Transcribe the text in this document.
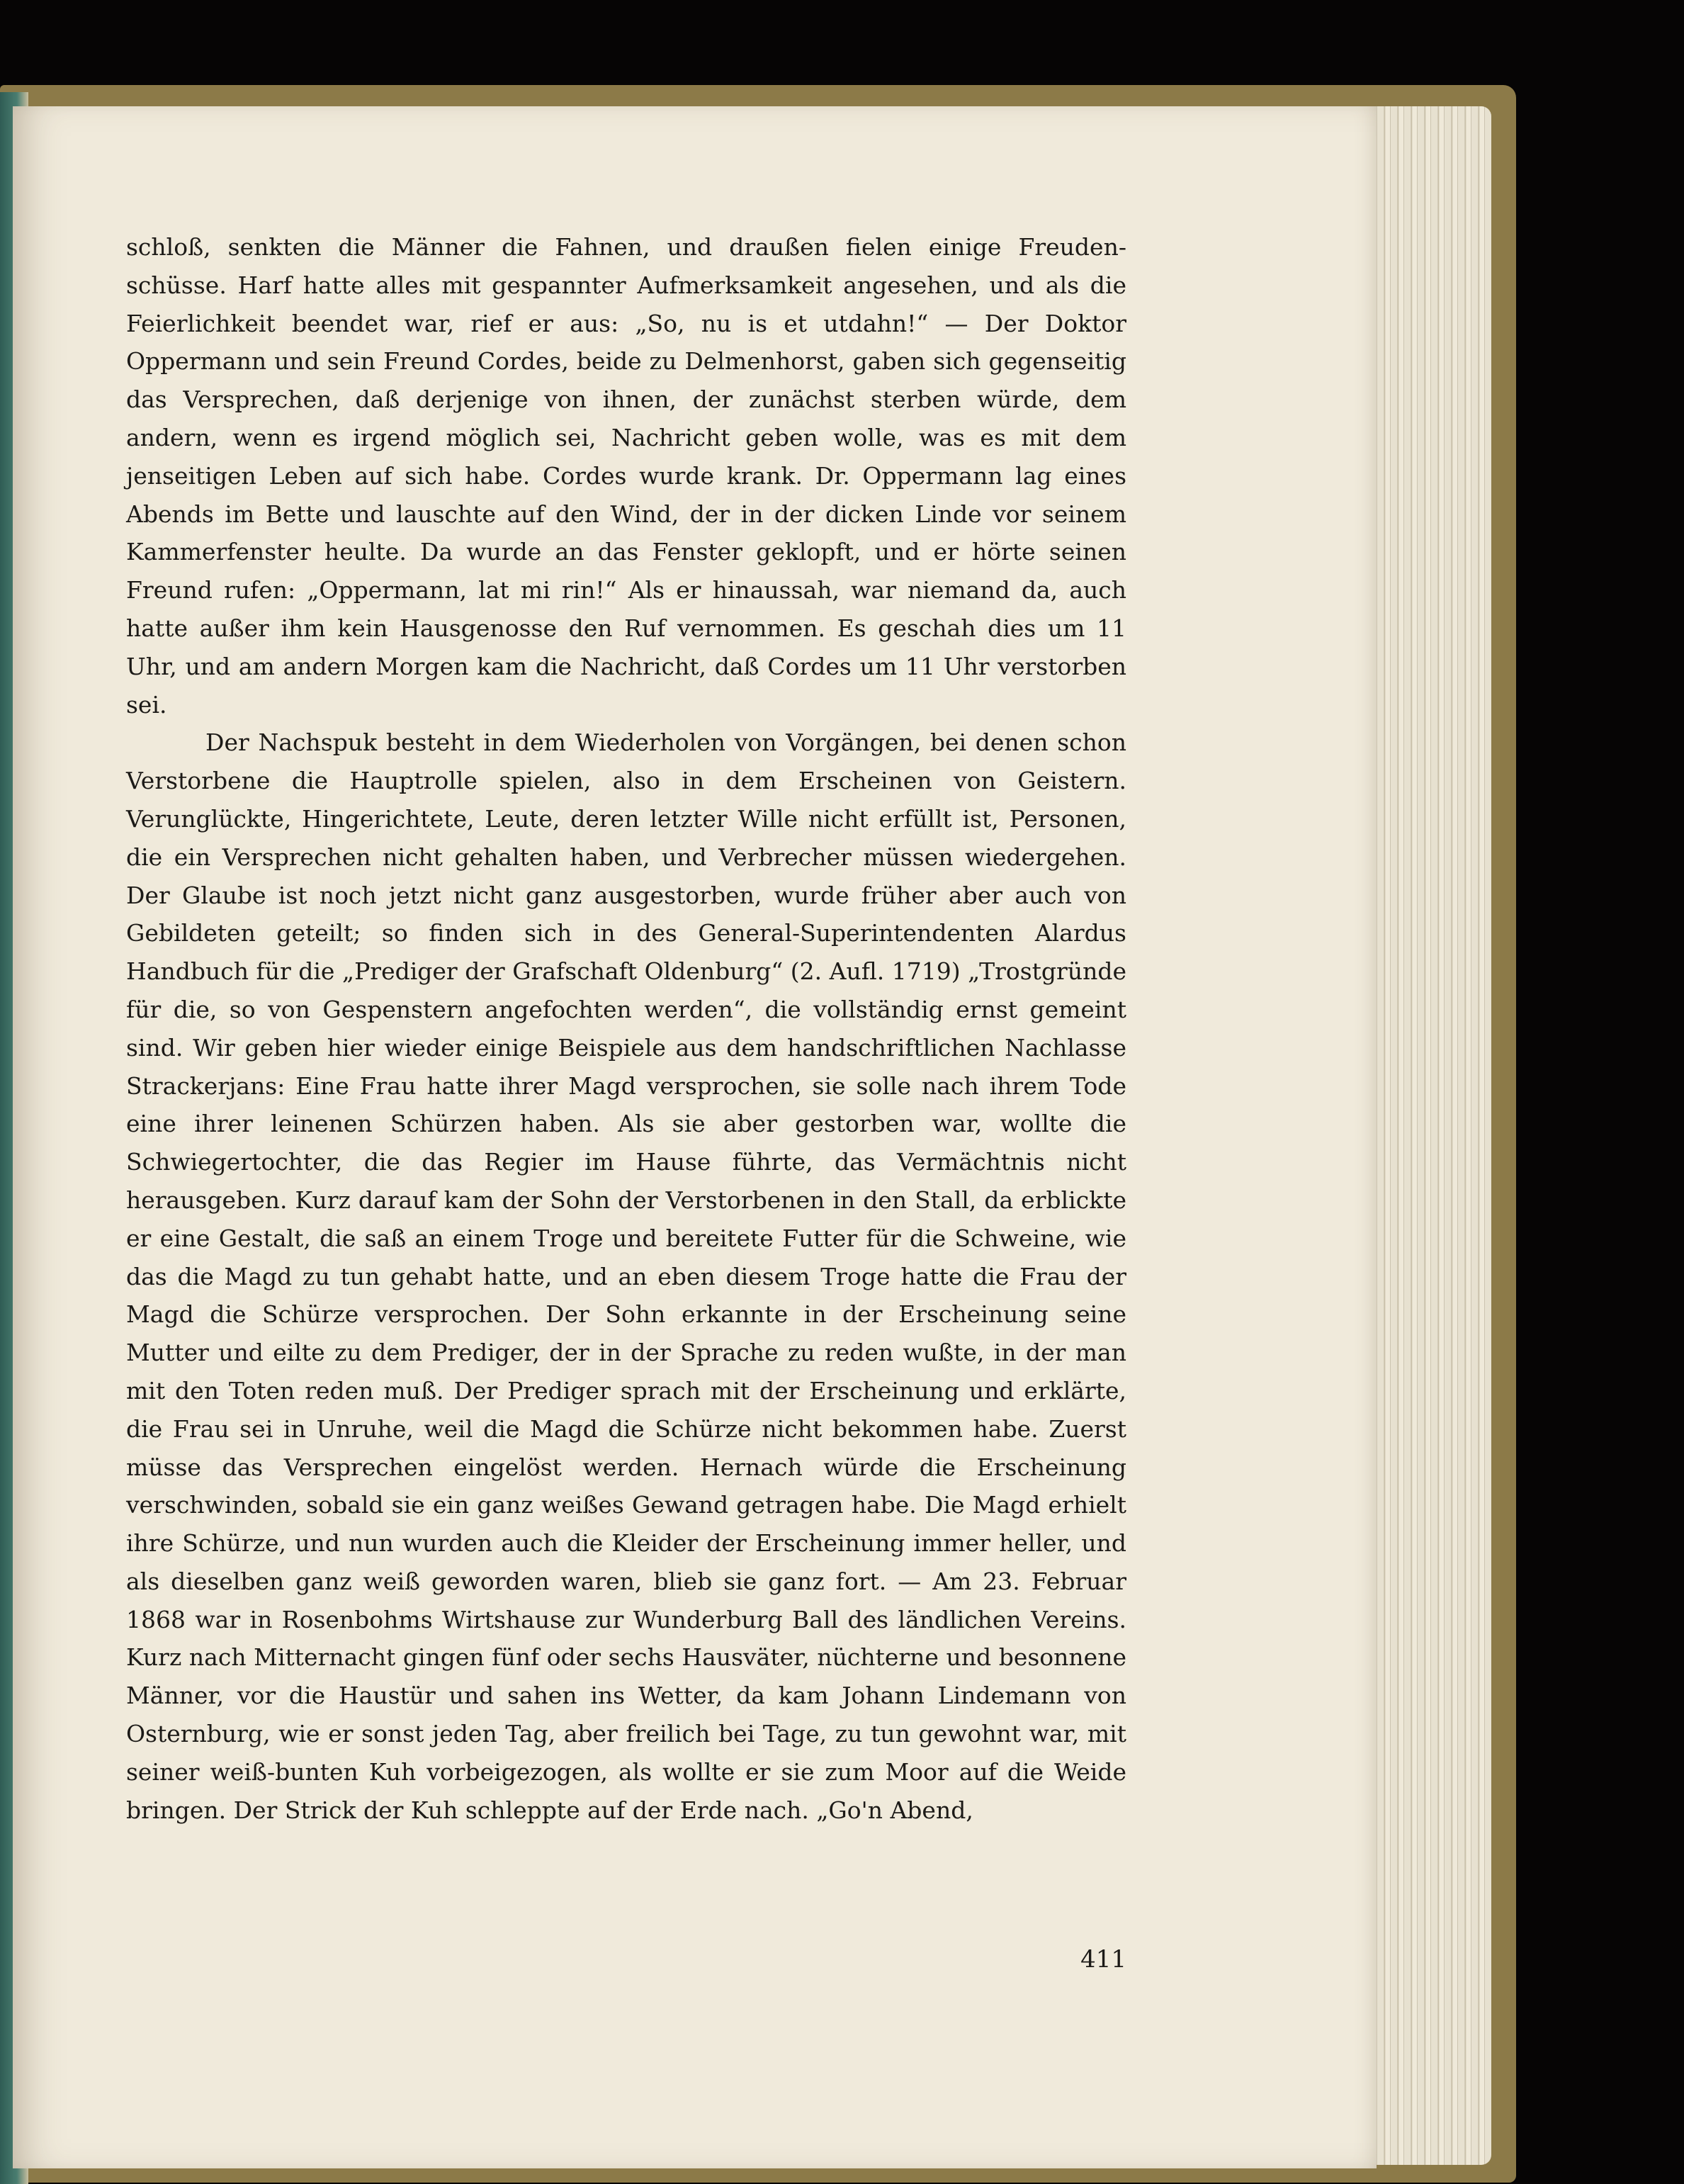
schloß, senkten die Männer die Fahnen, und draußen fielen einige Freuden-schüsse. Harf hatte alles mit gespannter Aufmerksamkeit angesehen, und als die Feierlichkeit beendet war, rief er aus: „So, nu is et utdahn!“ — Der Doktor Oppermann und sein Freund Cordes, beide zu Delmenhorst, gaben sich gegenseitig das Versprechen, daß derjenige von ihnen, der zunächst sterben würde, dem andern, wenn es irgend möglich sei, Nachricht geben wolle, was es mit dem jenseitigen Leben auf sich habe. Cordes wurde krank. Dr. Oppermann lag eines Abends im Bette und lauschte auf den Wind, der in der dicken Linde vor seinem Kammerfenster heulte. Da wurde an das Fenster geklopft, und er hörte seinen Freund rufen: „Oppermann, lat mi rin!“ Als er hinaussah, war niemand da, auch hatte außer ihm kein Hausgenosse den Ruf vernommen. Es geschah dies um 11 Uhr, und am andern Morgen kam die Nachricht, daß Cordes um 11 Uhr verstorben sei.

Der Nachspuk besteht in dem Wiederholen von Vorgängen, bei denen schon Verstorbene die Hauptrolle spielen, also in dem Erscheinen von Geistern. Verunglückte, Hingerichtete, Leute, deren letzter Wille nicht erfüllt ist, Personen, die ein Versprechen nicht gehalten haben, und Verbrecher müssen wiedergehen. Der Glaube ist noch jetzt nicht ganz ausgestorben, wurde früher aber auch von Gebildeten geteilt; so finden sich in des General-Superintendenten Alardus Handbuch für die „Prediger der Grafschaft Oldenburg“ (2. Aufl. 1719) „Trostgründe für die, so von Gespenstern angefochten werden“, die vollständig ernst gemeint sind. Wir geben hier wieder einige Beispiele aus dem handschriftlichen Nachlasse Strackerjans: Eine Frau hatte ihrer Magd versprochen, sie solle nach ihrem Tode eine ihrer leinenen Schürzen haben. Als sie aber gestorben war, wollte die Schwiegertochter, die das Regier im Hause führte, das Vermächtnis nicht herausgeben. Kurz darauf kam der Sohn der Verstorbenen in den Stall, da erblickte er eine Gestalt, die saß an einem Troge und bereitete Futter für die Schweine, wie das die Magd zu tun gehabt hatte, und an eben diesem Troge hatte die Frau der Magd die Schürze versprochen. Der Sohn erkannte in der Erscheinung seine Mutter und eilte zu dem Prediger, der in der Sprache zu reden wußte, in der man mit den Toten reden muß. Der Prediger sprach mit der Erscheinung und erklärte, die Frau sei in Unruhe, weil die Magd die Schürze nicht bekommen habe. Zuerst müsse das Versprechen eingelöst werden. Hernach würde die Erscheinung verschwinden, sobald sie ein ganz weißes Gewand getragen habe. Die Magd erhielt ihre Schürze, und nun wurden auch die Kleider der Erscheinung immer heller, und als dieselben ganz weiß geworden waren, blieb sie ganz fort. — Am 23. Februar 1868 war in Rosenbohms Wirtshause zur Wunderburg Ball des ländlichen Vereins. Kurz nach Mitternacht gingen fünf oder sechs Hausväter, nüchterne und besonnene Männer, vor die Haustür und sahen ins Wetter, da kam Johann Lindemann von Osternburg, wie er sonst jeden Tag, aber freilich bei Tage, zu tun gewohnt war, mit seiner weiß-bunten Kuh vorbeigezogen, als wollte er sie zum Moor auf die Weide bringen. Der Strick der Kuh schleppte auf der Erde nach. „Go'n Abend,

411
